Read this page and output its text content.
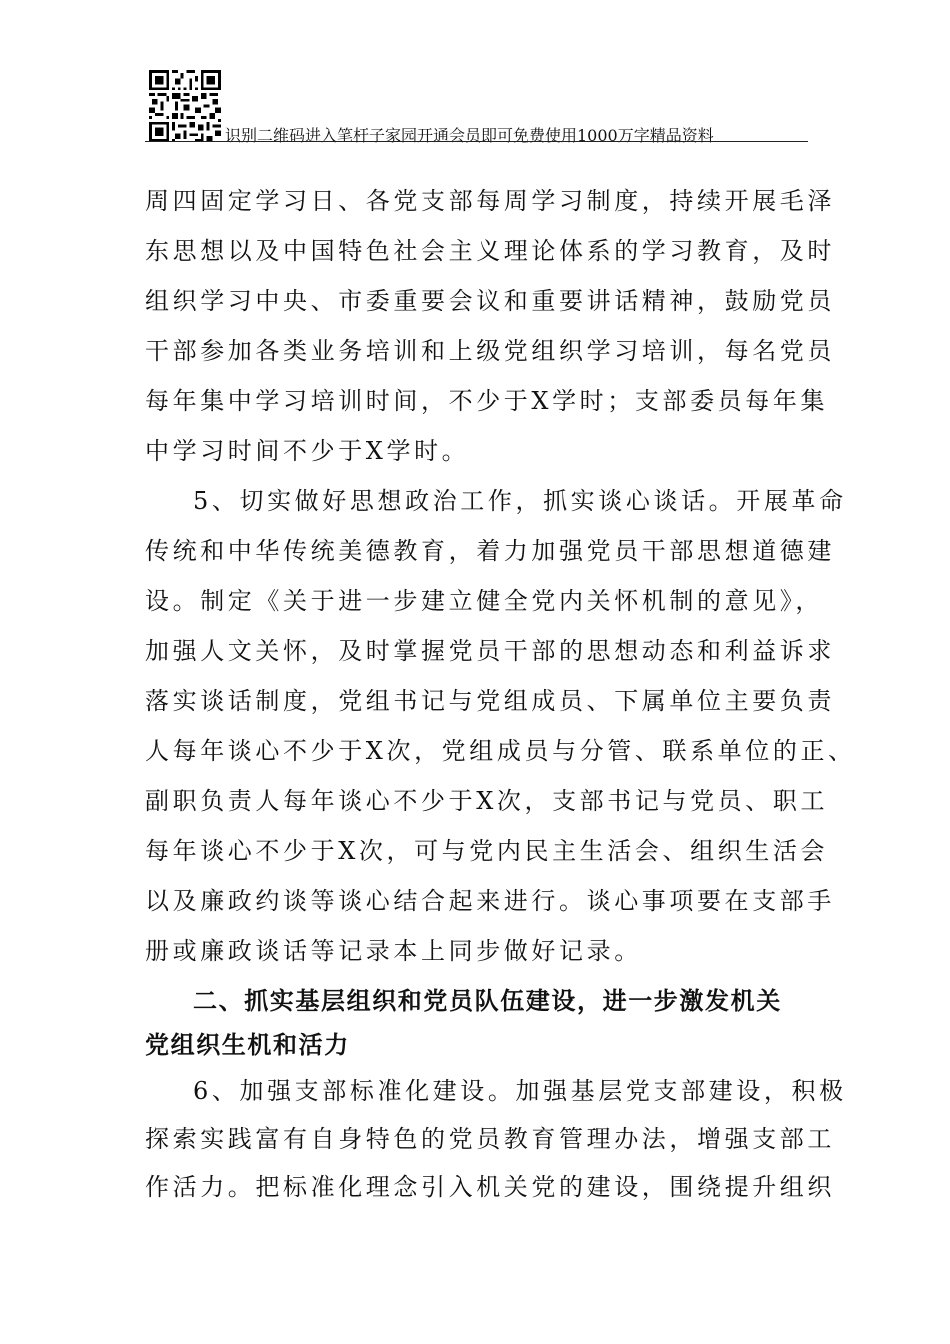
识别二维码进入笔杆子家园开通会员即可免费使用1000万字精品资料
周四固定学习日、各党支部每周学习制度，持续开展毛泽
东思想以及中国特色社会主义理论体系的学习教育，及时
组织学习中央、市委重要会议和重要讲话精神，鼓励党员
干部参加各类业务培训和上级党组织学习培训，每名党员
每年集中学习培训时间，不少于X学时；支部委员每年集
中学习时间不少于X学时。
5、切实做好思想政治工作，抓实谈心谈话。开展革命
传统和中华传统美德教育，着力加强党员干部思想道德建
设。制定《关于进一步建立健全党内关怀机制的意见》，
加强人文关怀，及时掌握党员干部的思想动态和利益诉求
落实谈话制度，党组书记与党组成员、下属单位主要负责
人每年谈心不少于X次，党组成员与分管、联系单位的正、
副职负责人每年谈心不少于X次，支部书记与党员、职工
每年谈心不少于X次，可与党内民主生活会、组织生活会
以及廉政约谈等谈心结合起来进行。谈心事项要在支部手
册或廉政谈话等记录本上同步做好记录。
二、抓实基层组织和党员队伍建设，进一步激发机关
党组织生机和活力
6、加强支部标准化建设。加强基层党支部建设，积极
探索实践富有自身特色的党员教育管理办法，增强支部工
作活力。把标准化理念引入机关党的建设，围绕提升组织
